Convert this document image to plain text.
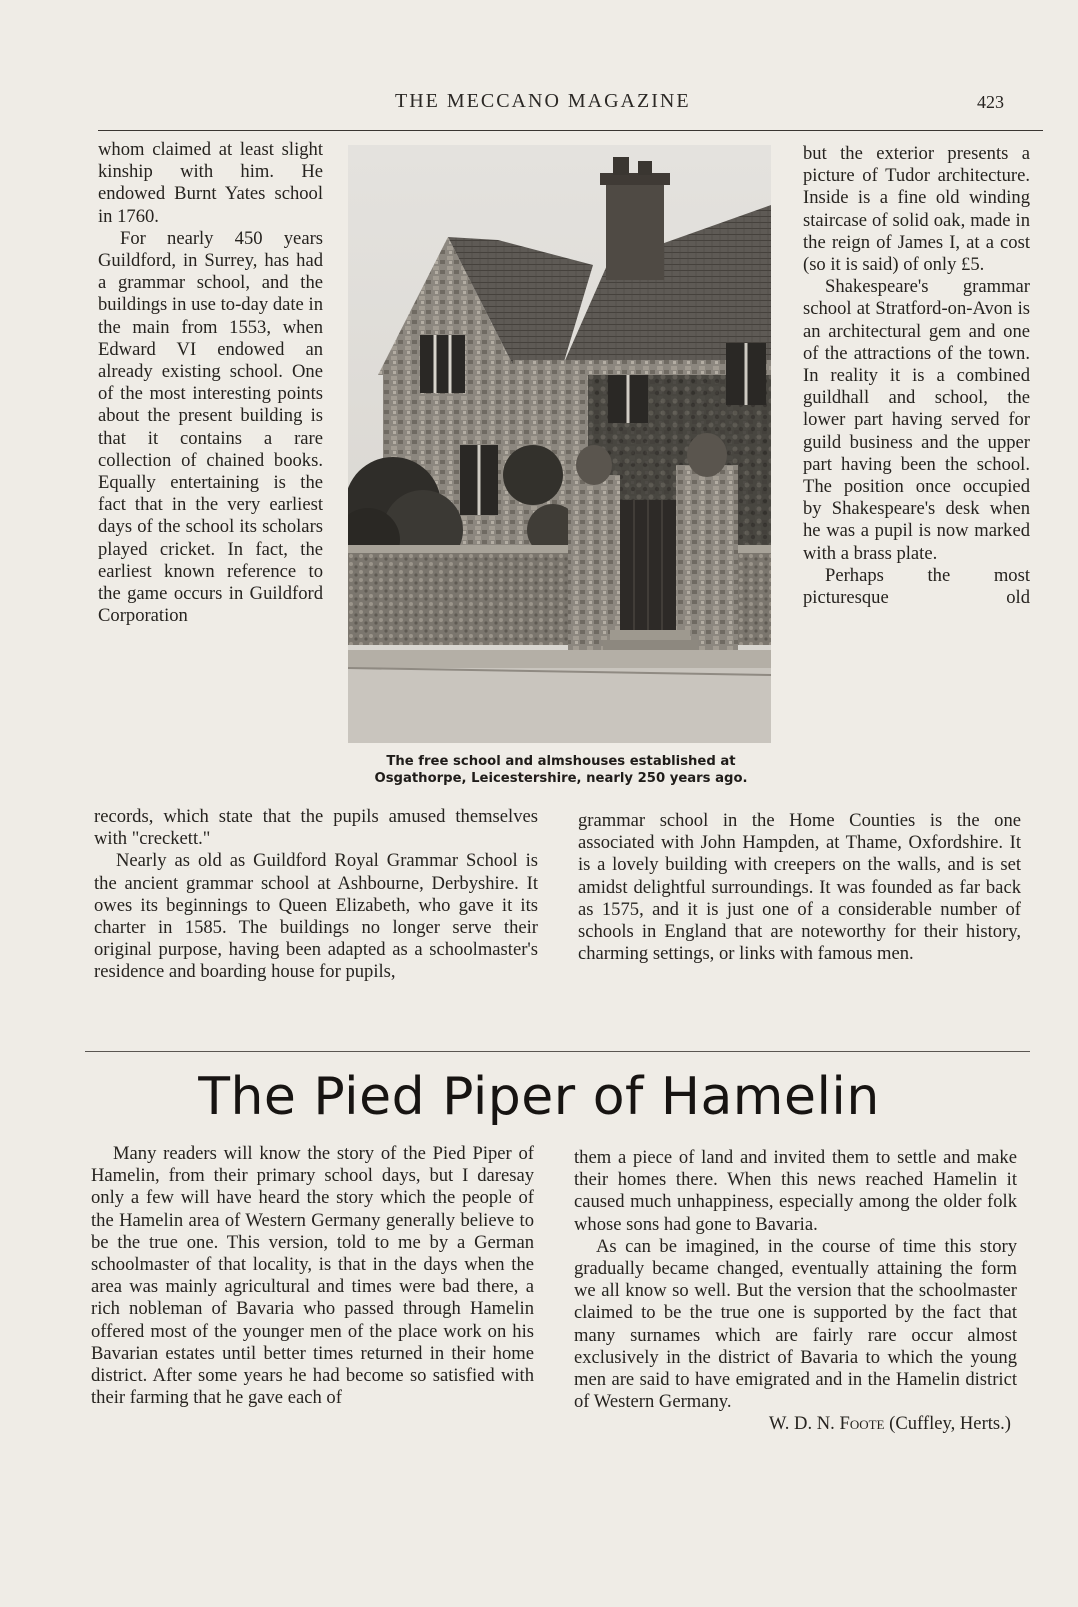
THE MECCANO MAGAZINE	423

whom claimed at least slight kinship with him. He endowed Burnt Yates school in 1760.

For nearly 450 years Guildford, in Surrey, has had a grammar school, and the buildings in use to-day date in the main from 1553, when Edward VI endowed an already existing school. One of the most interesting points about the present building is that it contains a rare collection of chained books. Equally entertaining is the fact that in the very earliest days of the school its scholars played cricket. In fact, the earliest known reference to the game occurs in Guildford Corporation

The free school and almshouses established at
Osgathorpe, Leicestershire, nearly 250 years ago.

but the exterior presents a picture of Tudor architecture. Inside is a fine old winding staircase of solid oak, made in the reign of James I, at a cost (so it is said) of only £5.

Shakespeare's grammar school at Stratford-on-Avon is an architectural gem and one of the attractions of the town. In reality it is a combined guildhall and school, the lower part having served for guild business and the upper part having been the school. The position once occupied by Shakespeare's desk when he was a pupil is now marked with a brass plate.

Perhaps the most picturesque old

records, which state that the pupils amused themselves with "creckett."

Nearly as old as Guildford Royal Grammar School is the ancient grammar school at Ashbourne, Derbyshire. It owes its beginnings to Queen Elizabeth, who gave it its charter in 1585. The buildings no longer serve their original purpose, having been adapted as a schoolmaster's residence and boarding house for pupils,

grammar school in the Home Counties is the one associated with John Hampden, at Thame, Oxfordshire. It is a lovely building with creepers on the walls, and is set amidst delightful surroundings. It was founded as far back as 1575, and it is just one of a considerable number of schools in England that are noteworthy for their history, charming settings, or links with famous men.

The Pied Piper of Hamelin

Many readers will know the story of the Pied Piper of Hamelin, from their primary school days, but I daresay only a few will have heard the story which the people of the Hamelin area of Western Germany generally believe to be the true one. This version, told to me by a German schoolmaster of that locality, is that in the days when the area was mainly agricultural and times were bad there, a rich nobleman of Bavaria who passed through Hamelin offered most of the younger men of the place work on his Bavarian estates until better times returned in their home district. After some years he had become so satisfied with their farming that he gave each of

them a piece of land and invited them to settle and make their homes there. When this news reached Hamelin it caused much unhappiness, especially among the older folk whose sons had gone to Bavaria.

As can be imagined, in the course of time this story gradually became changed, eventually attaining the form we all know so well. But the version that the schoolmaster claimed to be the true one is supported by the fact that many surnames which are fairly rare occur almost exclusively in the district of Bavaria to which the young men are said to have emigrated and in the Hamelin district of Western Germany.

W. D. N. Foote (Cuffley, Herts.)
